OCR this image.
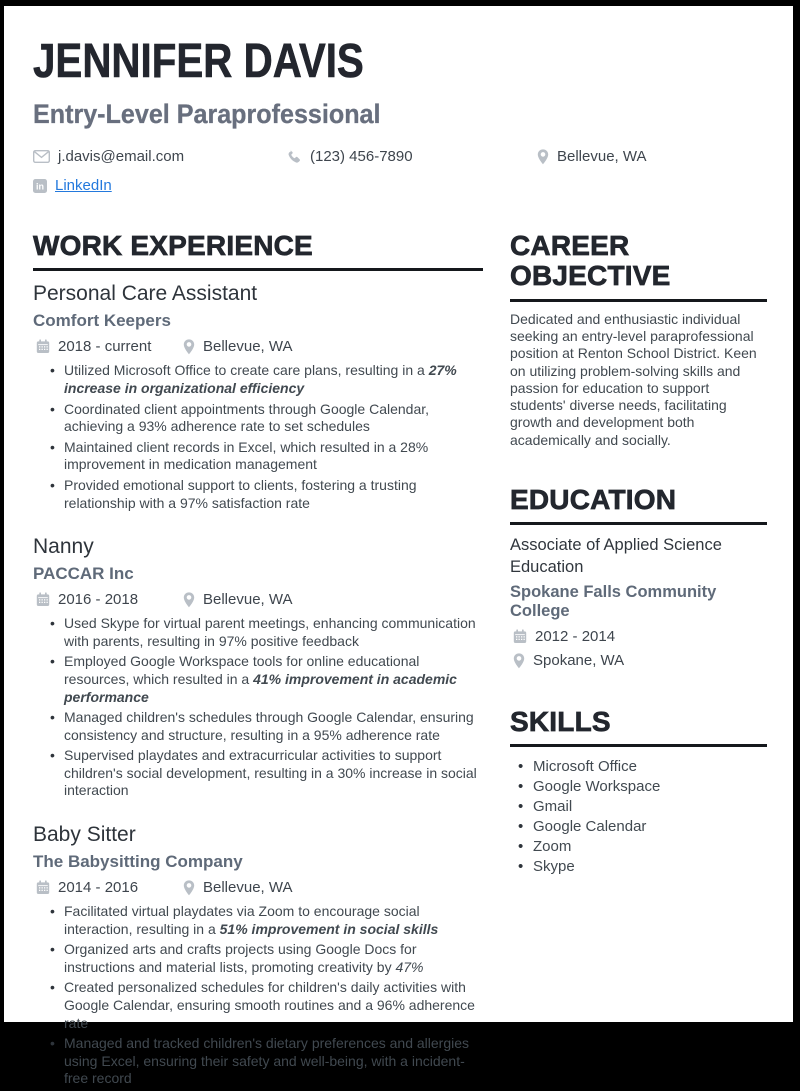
JENNIFER DAVIS
Entry-Level Paraprofessional
j.davis@email.com	(123) 456-7890	Bellevue, WA
in LinkedIn
WORK EXPERIENCE
Personal Care Assistant
Comfort Keepers
2018 - current	Bellevue, WA
• Utilized Microsoft Office to create care plans, resulting in a 27% increase in organizational efficiency
• Coordinated client appointments through Google Calendar, achieving a 93% adherence rate to set schedules
• Maintained client records in Excel, which resulted in a 28% improvement in medication management
• Provided emotional support to clients, fostering a trusting relationship with a 97% satisfaction rate
Nanny
PACCAR Inc
2016 - 2018	Bellevue, WA
• Used Skype for virtual parent meetings, enhancing communication with parents, resulting in 97% positive feedback
• Employed Google Workspace tools for online educational resources, which resulted in a 41% improvement in academic performance
• Managed children's schedules through Google Calendar, ensuring consistency and structure, resulting in a 95% adherence rate
• Supervised playdates and extracurricular activities to support children's social development, resulting in a 30% increase in social interaction
Baby Sitter
The Babysitting Company
2014 - 2016	Bellevue, WA
• Facilitated virtual playdates via Zoom to encourage social interaction, resulting in a 51% improvement in social skills
• Organized arts and crafts projects using Google Docs for instructions and material lists, promoting creativity by 47%
• Created personalized schedules for children's daily activities with Google Calendar, ensuring smooth routines and a 96% adherence rate
• Managed and tracked children's dietary preferences and allergies using Excel, ensuring their safety and well-being, with a incident-free record
CAREER OBJECTIVE

Dedicated and enthusiastic individual seeking an entry-level paraprofessional position at Renton School District. Keen on utilizing problem-solving skills and passion for education to support students' diverse needs, facilitating growth and development both academically and socially.

EDUCATION
Associate of Applied Science Education
Spokane Falls Community College
2012 - 2014
Spokane, WA
SKILLS
• Microsoft Office
• Google Workspace
• Gmail
• Google Calendar
• Zoom
• Skype
